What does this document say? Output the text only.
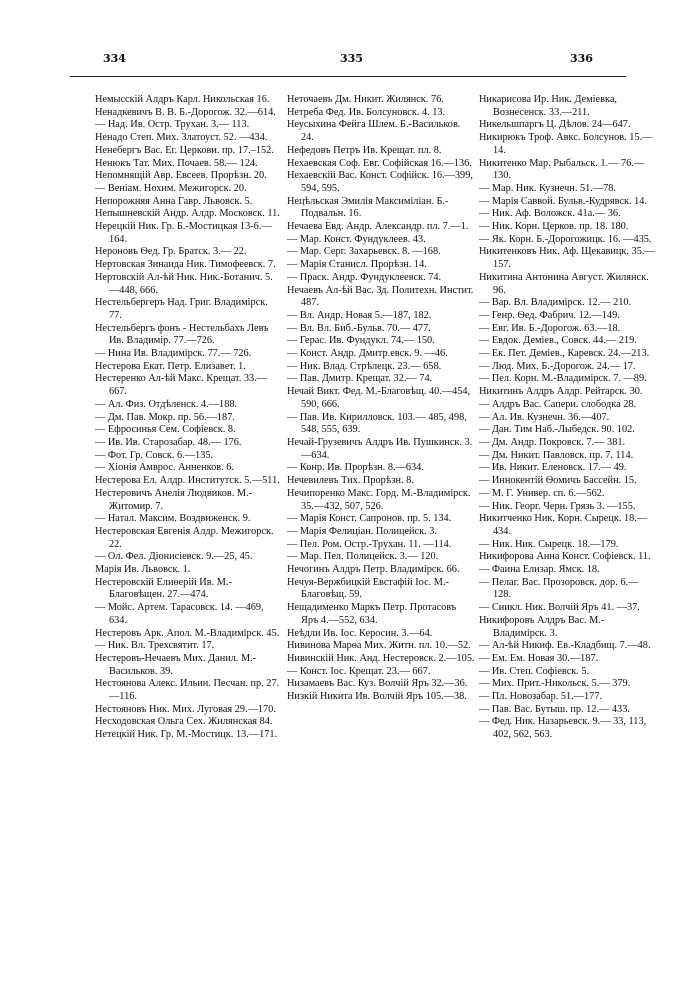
334	335	336

Немысскій Алдръ Карл. Никольская 16.

Ненадкевичъ В. В. Б.-Дорогож. 32.—614.

— Над. Ив. Остр. Трухан. 3.— 113.

Ненадо Степ. Мих. Златоуст. 52. —434.

Ненебергъ Вас. Ег. Церкови. пр. 17.–152.

Ненюкъ Тат. Мих. Почаев. 58.— 124.

Непомнящій Авр. Евсеев. Прорѣзн. 20.

— Веніам. Нохим. Межигорск. 20.

Непорожняя Анна Гавр. Львовск. 5.

Непышневскій Андр. Алдр. Московск. 11.

Нерецкій Ник. Гр. Б.-Мостицкая 13-6.—164.

Нероновъ Ѳед. Гр. Братск. 3.— 22.

Нертовская Зинаида Ник. Тимофеевск. 7.

Нертовскій Ал-ѣй Ник. Ник.-Ботанич. 5.—448, 666.

Нестельбергеръ Над. Григ. Владимірск. 77.

Нестельбергъ фонъ - Нестельбахъ Левъ Ив. Владимір. 77.—726.

— Нина Ив. Владимірск. 77.— 726.

Нестерова Екат. Петр. Елизавет. 1.

Нестеренко Ал-ѣй Макс. Крещат. 33.—667.

— Ал. Физ. Отдѣленск. 4.—188.

— Дм. Пав. Мокр. пр. 56.—187.

— Ефросинья Сем. Софіевск. 8.

— Ив. Ив. Старозабар. 48.— 176.

— Фот. Гр. Совск. 6.—135.

— Хіонія Амврос. Анненков. 6.

Нестерова Ел. Алдр. Институтск. 5.—511.

Нестеровичъ Анелія Людвиков. М.-Житомир. 7.

— Натал. Максим. Воздвиженск. 9.

Нестеровская Евгенія Алдр. Межигорск. 22.

— Ол. Фел. Діонисіевск. 9.—25, 45.

Марія Ив. Львовск. 1.

Нестеровскій Елиѳерій Ив. М.-Благовѣщен. 27.—474.

— Мойс. Артем. Тарасовск. 14. —469, 634.

Нестеровъ Арк. Апол. М.-Владимірск. 45.

— Ник. Вл. Трехсвятит. 17.

Нестеровъ-Нечаевъ Мих. Данил. М.-Васильков. 39.

Нестоянова Алекс. Ильин. Песчан. пр. 27.—116.

Нестояновъ Ник. Мих. Луговая 29.—170.

Несходовская Ольга Сех. Жилянская 84.

Нетецкій Ник. Гр. М.-Мостицк. 13.—171.

Неточаевъ Дм. Никит. Жилянск. 76.

Нетреба Фед. Ив. Болсуновск. 4. 13.

Неусыхина Фейга Шлем. Б.-Васильков. 24.

Нефедовъ Петръ Ив. Крещат. пл. 8.

Нехаевская Соф. Евг. Софійская 16.—136.

Нехаевскій Вас. Конст. Софійск. 16.—399, 594, 595.

Нецѣльская Эмилія Максиміліан. Б.-Подвальн. 16.

Нечаева Евд. Андр. Александр. пл. 7.—1.

— Мар. Конст. Фундуклеев. 43.

— Мар. Серг. Захарьевск. 8. —168.

— Марія Станисл. Прорѣзн. 14.

— Праск. Андр. Фундуклеевск. 74.

Нечаевъ Ал-ѣй Вас. Зд. Политехн. Инстит. 487.

— Вл. Андр. Новая 5.—187, 182.

— Вл. Вл. Биб.-Бульв. 70.— 477.

— Герас. Ив. Фундукл. 74.— 150.

— Конст. Андр. Дмитр.евск. 9. —46.

— Ник. Влад. Стрѣлецк. 23.— 658.

— Пав. Дмитр. Крещат. 32.— 74.

Нечай Викт. Фед. М.-Благовѣщ. 40.—454, 590, 666.

— Пав. Ив. Кирилловск. 103.— 485, 498, 548, 555, 639.

Нечай-Грузевичъ Алдръ Ив. Пушкинск. 3.—634.

— Конр. Ив. Прорѣзн. 8.—634.

Нечевилевъ Тих. Прорѣзн. 8.

Нечипоренко Макс. Горд. М.-Владимірск. 35.—432, 507, 526.

— Марія Конст. Сапронов. пр. 5. 134.

— Марія Фелиціан. Полицейск. 3.

— Пел. Ром. Остр.-Трухан. 11. —114.

— Мар. Пел. Полицейск. 3.— 120.

Нечогинъ Алдръ Петр. Владимірск. 66.

Нечуя-Вержбицкій Евстафій Іос. М.-Благовѣщ. 59.

Нещадименко Маркъ Петр. Протасовъ Яръ 4.—552, 634.

Неѣдли Ив. Іос. Керосин. 3.—64.

Нивинова Марѳа Мих. Житн. пл. 10.—52.

Нивинскій Ник. Анд. Нестеровск. 2.—105.

— Конст. Іос. Крещат. 23.— 667.

Низамаевъ Вас. Куз. Волчій Яръ 32.—36.

Низкій Никита Ив. Волчій Яръ 105.—38.

Никарисова Ир. Ник. Деміевка, Вознесенск. 33.—211.

Никельшпаргъ Ц. Дѣлов. 24—647.

Никирюкъ Троф. Авкс. Болсунов. 15.—14.

Никитенко Мар. Рыбальск. 1.— 76.—130.

— Мар. Ник. Кузнечн. 51.—78.

— Марія Саввой. Бульв.-Кудрявск. 14.

— Ник. Аф. Воложск. 41а.— 36.

— Ник. Корн. Церков. пр. 18. 180.

— Як. Корн. Б.-Дорогожицк. 16. —435.

Никитенковъ Ник. Аф. Щекавицк. 35.—157.

Никитина Антонина Август. Жилянск. 96.

— Вар. Вл. Владимірск. 12.— 210.

— Генр. Ѳед. Фабрич. 12.—149.

— Евг. Ив. Б.-Дорогож. 63.—18.

— Евдок. Деміев., Совск. 44.— 219.

— Ек. Пет. Деміев., Каревск. 24.—213.

— Люд. Мих. Б.-Дорогож. 24.— 17.

— Пел. Корн. М.-Владимірск. 7. —89.

Никитинъ Алдръ Алдр. Рейтарск. 30.

— Алдръ Вас. Сапери. слободка 28.

— Ал. Ив. Кузнечн. 36.—407.

— Дан. Тим Наб.-Лыбедск. 90. 102.

— Дм. Андр. Покровск. 7.— 381.

— Дм. Никит. Павловск. пр. 7. 114.

— Ив. Никит. Еленовск. 17.— 49.

— Иннокентій Ѳомичъ Бассейн. 15.

— М. Г. Универ. сп. 6.—562.

— Ник. Георг. Черн. Грязь 3. —155.

Никитченко Ник. Корн. Сырецк. 18.—434.

— Ник. Ник. Сырецк. 18.—179.

Никифорова Анна Конст. Софіевск. 11.

— Фаина Елизар. Ямск. 18.

— Пелаг. Вас. Прозоровск. дор. 6.—128.

— Сиикл. Ник. Волчій Яръ 41. —37.

Никифоровъ Алдръ Вас. М.-Владимірск. 3.

— Ал-ѣй Никиф. Ев.-Кладбищ. 7.—48.

— Ем. Ем. Новая 30.—187.

— Ив. Степ. Софіевск. 5.

— Мих. Прит.-Никольск. 5.— 379.

— Пл. Новозабар. 51.—177.

— Пав. Вас. Бутыш. пр. 12.— 433.

— Фед. Ник. Назарьевск. 9.— 33, 113, 402, 562, 563.
